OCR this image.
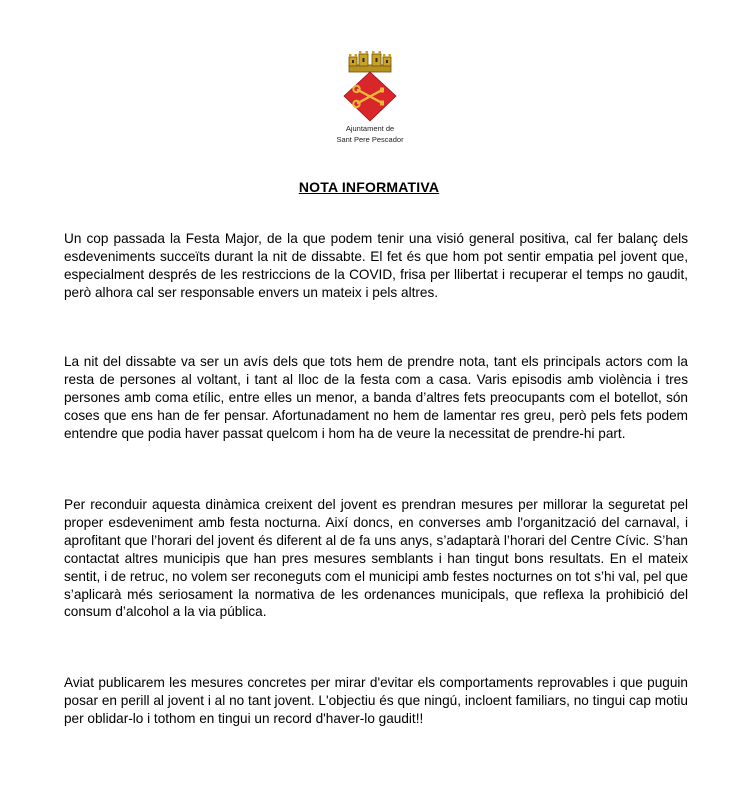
Ajuntament de
Sant Pere Pescador
NOTA INFORMATIVA

Un cop passada la Festa Major, de la que podem tenir una visió general positiva, cal fer balanç dels esdeveniments succeïts durant la nit de dissabte. El fet és que hom pot sentir empatia pel jovent que, especialment després de les restriccions de la COVID, frisa per llibertat i recuperar el temps no gaudit, però alhora cal ser responsable envers un mateix i pels altres.

La nit del dissabte va ser un avís dels que tots hem de prendre nota, tant els principals actors com la resta de persones al voltant, i tant al lloc de la festa com a casa. Varis episodis amb violència i tres persones amb coma etílic, entre elles un menor, a banda d’altres fets preocupants com el botellot, són coses que ens han de fer pensar. Afortunadament no hem de lamentar res greu, però pels fets podem entendre que podia haver passat quelcom i hom ha de veure la necessitat de prendre-hi part.

Per reconduir aquesta dinàmica creixent del jovent es prendran mesures per millorar la seguretat pel proper esdeveniment amb festa nocturna. Així doncs, en converses amb l'organització del carnaval, i aprofitant que l’horari del jovent és diferent al de fa uns anys, s’adaptarà l’horari del Centre Cívic. S’han contactat altres municipis que han pres mesures semblants i han tingut bons resultats. En el mateix sentit, i de retruc, no volem ser reconeguts com el municipi amb festes nocturnes on tot s’hi val, pel que s’aplicarà més seriosament la normativa de les ordenances municipals, que reflexa la prohibició del consum d’alcohol a la via pública.

Aviat publicarem les mesures concretes per mirar d'evitar els comportaments reprovables i que puguin posar en perill al jovent i al no tant jovent. L'objectiu és que ningú, incloent familiars, no tingui cap motiu per oblidar-lo i tothom en tingui un record d'haver-lo gaudit!!
